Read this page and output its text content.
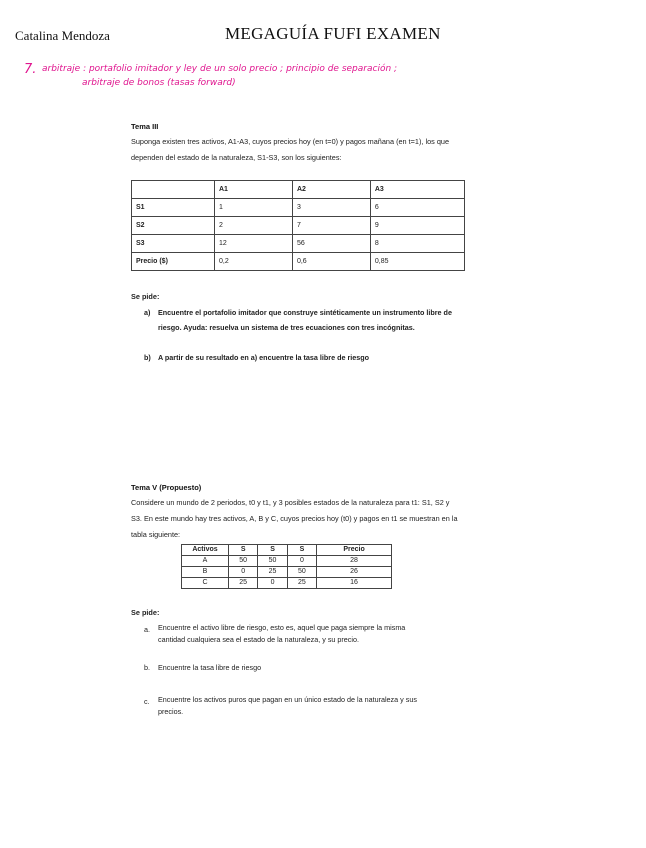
Catalina Mendoza	MEGAGUÍA FUFI EXAMEN
7. arbitraje : portafolio imitador y ley de un solo precio ; principio de separación ;
arbitraje de bonos (tasas forward)
Tema III
Suponga existen tres activos, A1-A3, cuyos precios hoy (en t=0) y pagos mañana (en t=1), los que
dependen del estado de la naturaleza, S1-S3, son los siguientes:
	A1	A2	A3
S1	1	3	6
S2	2	7	9
S3	12	56	8
Precio ($)	0,2	0,6	0,85
Se pide:
a) Encuentre el portafolio imitador que construye sintéticamente un instrumento libre de
riesgo. Ayuda: resuelva un sistema de tres ecuaciones con tres incógnitas.
b) A partir de su resultado en a) encuentre la tasa libre de riesgo
Tema V (Propuesto)
Considere un mundo de 2 periodos, t0 y t1, y 3 posibles estados de la naturaleza para t1: S1, S2 y
S3. En este mundo hay tres activos, A, B y C, cuyos precios hoy (t0) y pagos en t1 se muestran en la
tabla siguiente:
Activos	S	S	S	Precio
A	50	50	0	28
B	0	25	50	26
C	25	0	25	16
Se pide:
a. Encuentre el activo libre de riesgo, esto es, aquel que paga siempre la misma
cantidad cualquiera sea el estado de la naturaleza, y su precio.
b. Encuentre la tasa libre de riesgo
c. Encuentre los activos puros que pagan en un único estado de la naturaleza y sus
precios.
